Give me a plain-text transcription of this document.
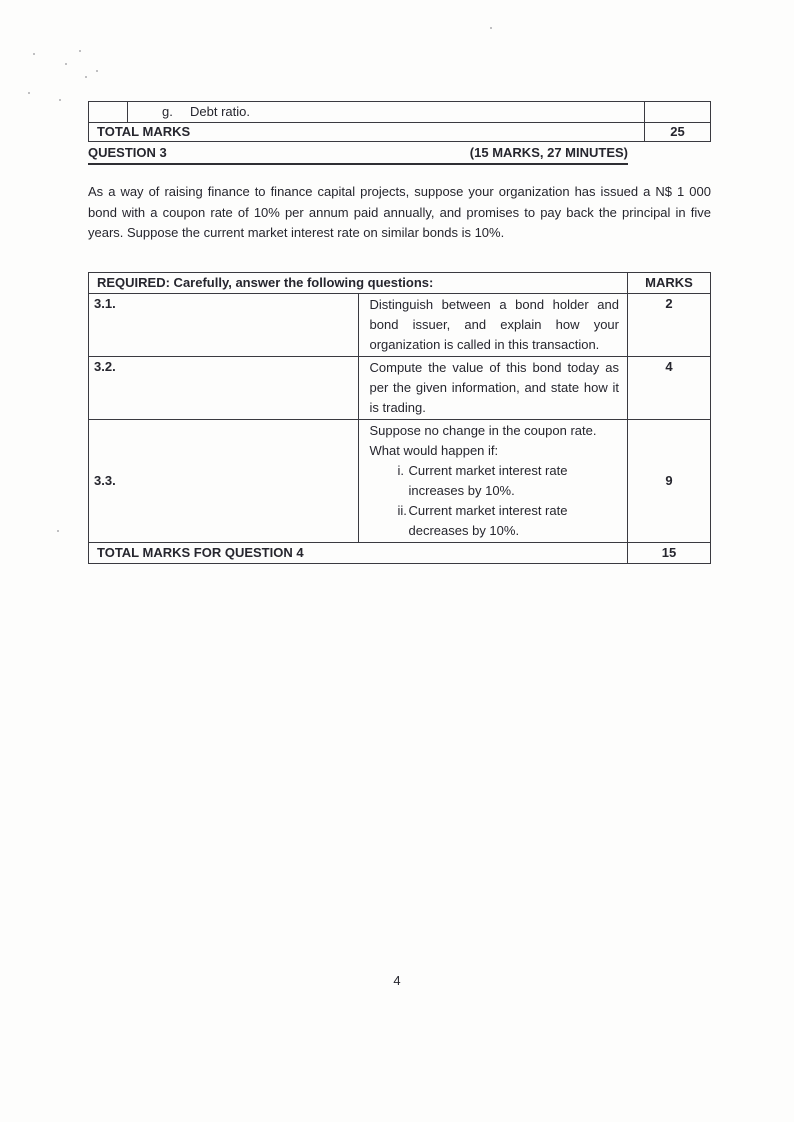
	g. Debt ratio.	
TOTAL MARKS		25
QUESTION 3	(15 MARKS, 27 MINUTES)

As a way of raising finance to finance capital projects, suppose your organization has issued a N$ 1 000 bond with a coupon rate of 10% per annum paid annually, and promises to pay back the principal in five years. Suppose the current market interest rate on similar bonds is 10%.

REQUIRED: Carefully, answer the following questions:		MARKS
3.1.	Distinguish between a bond holder and bond issuer, and explain how your organization is called in this transaction.	2
3.2.	Compute the value of this bond today as per the given information, and state how it is trading.	4
3.3.	Suppose no change in the coupon rate. What would happen if:
i. Current market interest rate increases by 10%.
ii. Current market interest rate decreases by 10%.	9
TOTAL MARKS FOR QUESTION 4		15
4
